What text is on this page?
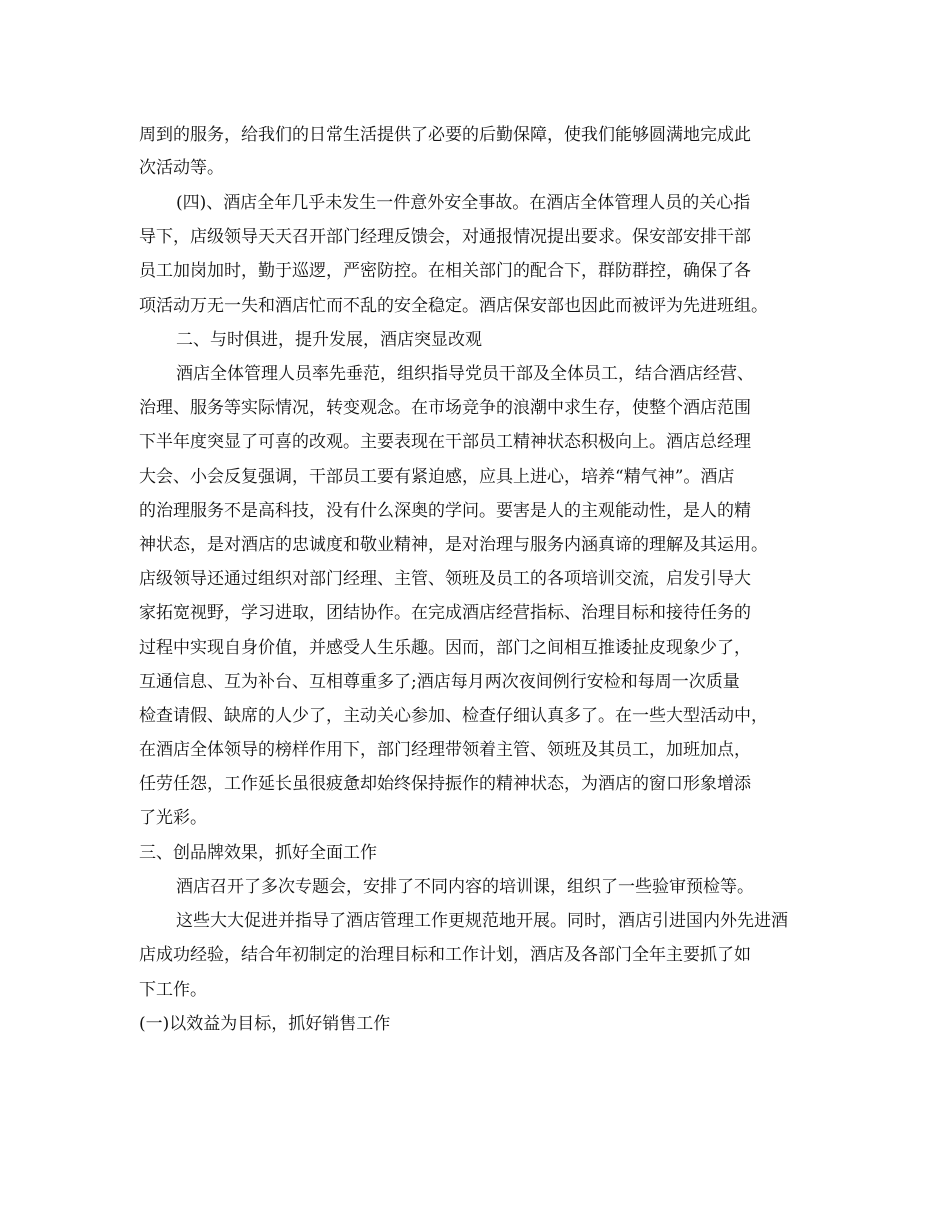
周到的服务，给我们的日常生活提供了必要的后勤保障，使我们能够圆满地完成此
次活动等。
(四)、酒店全年几乎未发生一件意外安全事故。在酒店全体管理人员的关心指
导下，店级领导天天召开部门经理反馈会，对通报情况提出要求。保安部安排干部
员工加岗加时，勤于巡逻，严密防控。在相关部门的配合下，群防群控，确保了各
项活动万无一失和酒店忙而不乱的安全稳定。酒店保安部也因此而被评为先进班组。
二、与时俱进，提升发展，酒店突显改观
酒店全体管理人员率先垂范，组织指导党员干部及全体员工，结合酒店经营、
治理、服务等实际情况，转变观念。在市场竞争的浪潮中求生存，使整个酒店范围
下半年度突显了可喜的改观。主要表现在干部员工精神状态积极向上。酒店总经理
大会、小会反复强调，干部员工要有紧迫感，应具上进心，培养“精气神”。酒店
的治理服务不是高科技，没有什么深奥的学问。要害是人的主观能动性，是人的精
神状态，是对酒店的忠诚度和敬业精神，是对治理与服务内涵真谛的理解及其运用。
店级领导还通过组织对部门经理、主管、领班及员工的各项培训交流，启发引导大
家拓宽视野，学习进取，团结协作。在完成酒店经营指标、治理目标和接待任务的
过程中实现自身价值，并感受人生乐趣。因而，部门之间相互推诿扯皮现象少了，
互通信息、互为补台、互相尊重多了;酒店每月两次夜间例行安检和每周一次质量
检查请假、缺席的人少了，主动关心参加、检查仔细认真多了。在一些大型活动中，
在酒店全体领导的榜样作用下，部门经理带领着主管、领班及其员工，加班加点，
任劳任怨，工作延长虽很疲惫却始终保持振作的精神状态，为酒店的窗口形象增添
了光彩。
三、创品牌效果，抓好全面工作
酒店召开了多次专题会，安排了不同内容的培训课，组织了一些验审预检等。
这些大大促进并指导了酒店管理工作更规范地开展。同时，酒店引进国内外先进酒
店成功经验，结合年初制定的治理目标和工作计划，酒店及各部门全年主要抓了如
下工作。
(一)以效益为目标，抓好销售工作
